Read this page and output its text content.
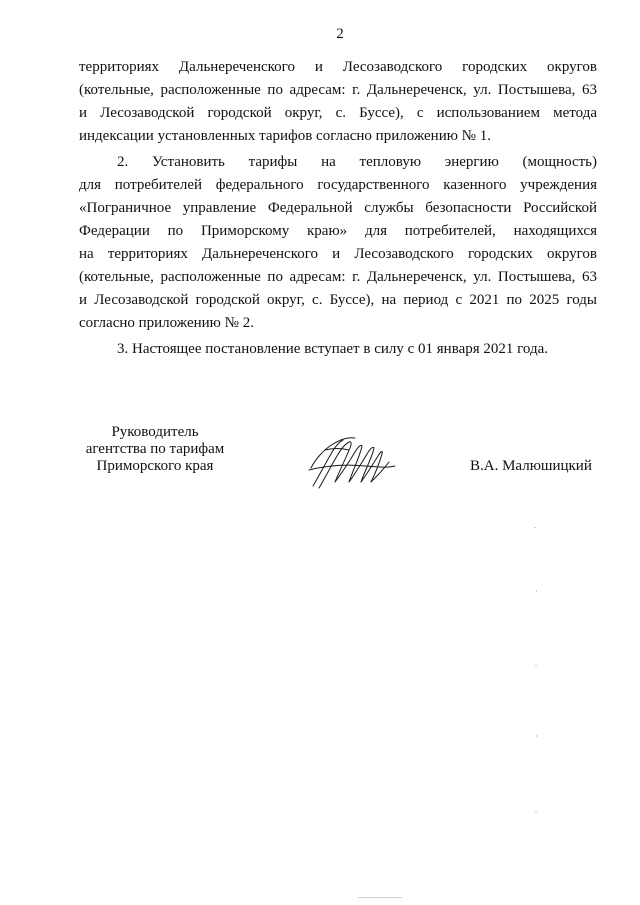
2
территориях Дальнереченского и Лесозаводского городских округов
(котельные, расположенные по адресам: г. Дальнереченск, ул. Постышева, 63
и Лесозаводской городской округ, с. Буссе), с использованием метода
индексации установленных тарифов согласно приложению № 1.
2. Установить тарифы на тепловую энергию (мощность)
для потребителей федерального государственного казенного учреждения
«Пограничное управление Федеральной службы безопасности Российской
Федерации по Приморскому краю» для потребителей, находящихся
на территориях Дальнереченского и Лесозаводского городских округов
(котельные, расположенные по адресам: г. Дальнереченск, ул. Постышева, 63
и Лесозаводской городской округ, с. Буссе), на период с 2021 по 2025 годы
согласно приложению № 2.
3. Настоящее постановление вступает в силу с 01 января 2021 года.
Руководитель
агентства по тарифам
Приморского края	В.А. Малюшицкий
